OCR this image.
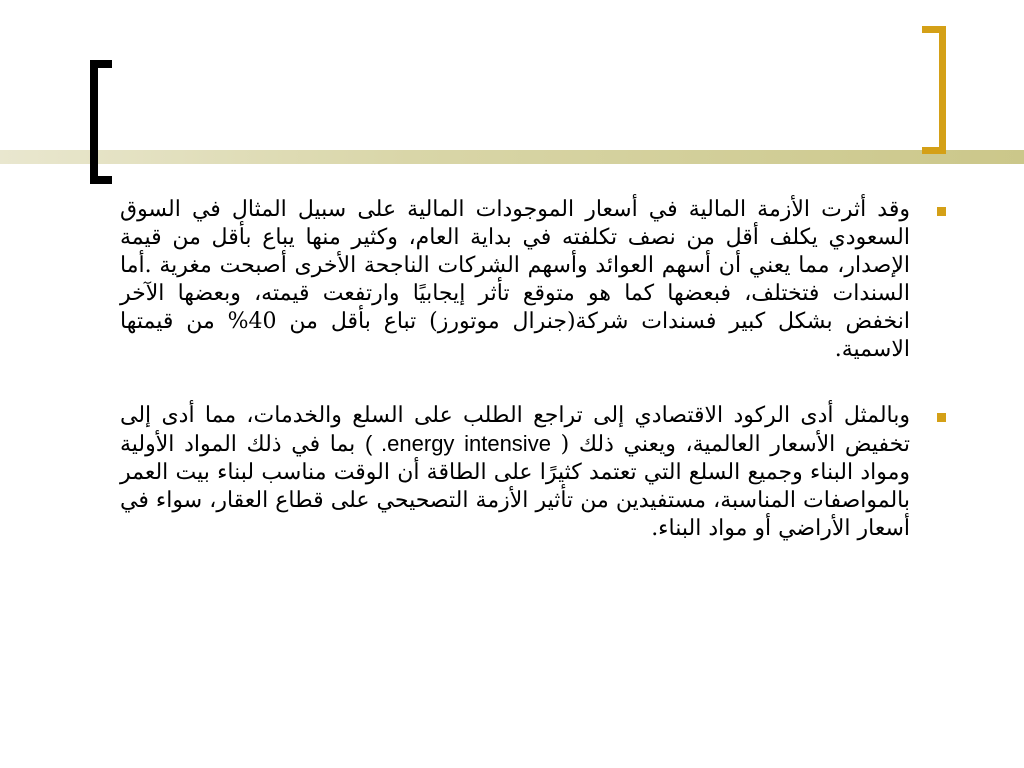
وقد أثرت الأزمة المالية في أسعار الموجودات المالية على سبيل المثال في السوق السعودي يكلف أقل من نصف تكلفته في بداية العام، وكثير منها يباع بأقل من قيمة الإصدار، مما يعني أن أسهم العوائد وأسهم الشركات الناجحة الأخرى أصبحت مغرية .أما السندات فتختلف، فبعضها كما هو متوقع تأثر إيجابيًا وارتفعت قيمته، وبعضها الآخر انخفض بشكل كبير فسندات شركة(جنرال موتورز) تباع بأقل من 40% من قيمتها الاسمية.

وبالمثل أدى الركود الاقتصادي إلى تراجع الطلب على السلع والخدمات، مما أدى إلى تخفيض الأسعار العالمية، ويعني ذلك ( energy intensive. ) بما في ذلك المواد الأولية ومواد البناء وجميع السلع التي تعتمد كثيرًا على الطاقة أن الوقت مناسب لبناء بيت العمر بالمواصفات المناسبة، مستفيدين من تأثير الأزمة التصحيحي على قطاع العقار، سواء في أسعار الأراضي أو مواد البناء.
